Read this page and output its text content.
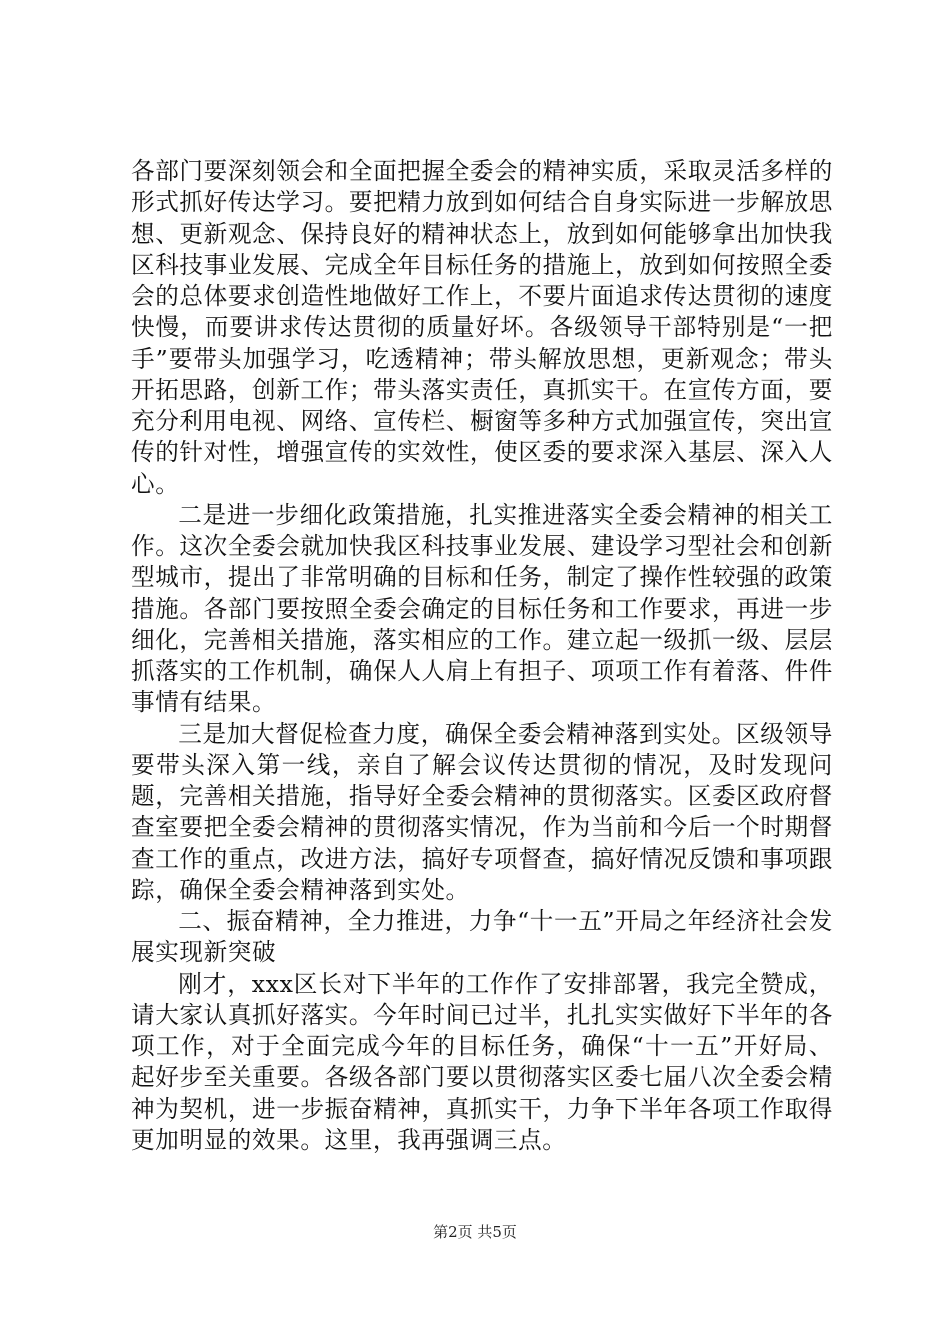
各部门要深刻领会和全面把握全委会的精神实质，采取灵活多样的形式抓好传达学习。要把精力放到如何结合自身实际进一步解放思想、更新观念、保持良好的精神状态上，放到如何能够拿出加快我区科技事业发展、完成全年目标任务的措施上，放到如何按照全委会的总体要求创造性地做好工作上，不要片面追求传达贯彻的速度快慢，而要讲求传达贯彻的质量好坏。各级领导干部特别是“一把手”要带头加强学习，吃透精神；带头解放思想，更新观念；带头开拓思路，创新工作；带头落实责任，真抓实干。在宣传方面，要充分利用电视、网络、宣传栏、橱窗等多种方式加强宣传，突出宣传的针对性，增强宣传的实效性，使区委的要求深入基层、深入人心。

二是进一步细化政策措施，扎实推进落实全委会精神的相关工作。这次全委会就加快我区科技事业发展、建设学习型社会和创新型城市，提出了非常明确的目标和任务，制定了操作性较强的政策措施。各部门要按照全委会确定的目标任务和工作要求，再进一步细化，完善相关措施，落实相应的工作。建立起一级抓一级、层层抓落实的工作机制，确保人人肩上有担子、项项工作有着落、件件事情有结果。

三是加大督促检查力度，确保全委会精神落到实处。区级领导要带头深入第一线，亲自了解会议传达贯彻的情况，及时发现问题，完善相关措施，指导好全委会精神的贯彻落实。区委区政府督查室要把全委会精神的贯彻落实情况，作为当前和今后一个时期督查工作的重点，改进方法，搞好专项督查，搞好情况反馈和事项跟踪，确保全委会精神落到实处。

二、振奋精神，全力推进，力争“十一五”开局之年经济社会发展实现新突破

刚才，xxx区长对下半年的工作作了安排部署，我完全赞成，请大家认真抓好落实。今年时间已过半，扎扎实实做好下半年的各项工作，对于全面完成今年的目标任务，确保“十一五”开好局、起好步至关重要。各级各部门要以贯彻落实区委七届八次全委会精神为契机，进一步振奋精神，真抓实干，力争下半年各项工作取得更加明显的效果。这里，我再强调三点。

第2页 共5页
